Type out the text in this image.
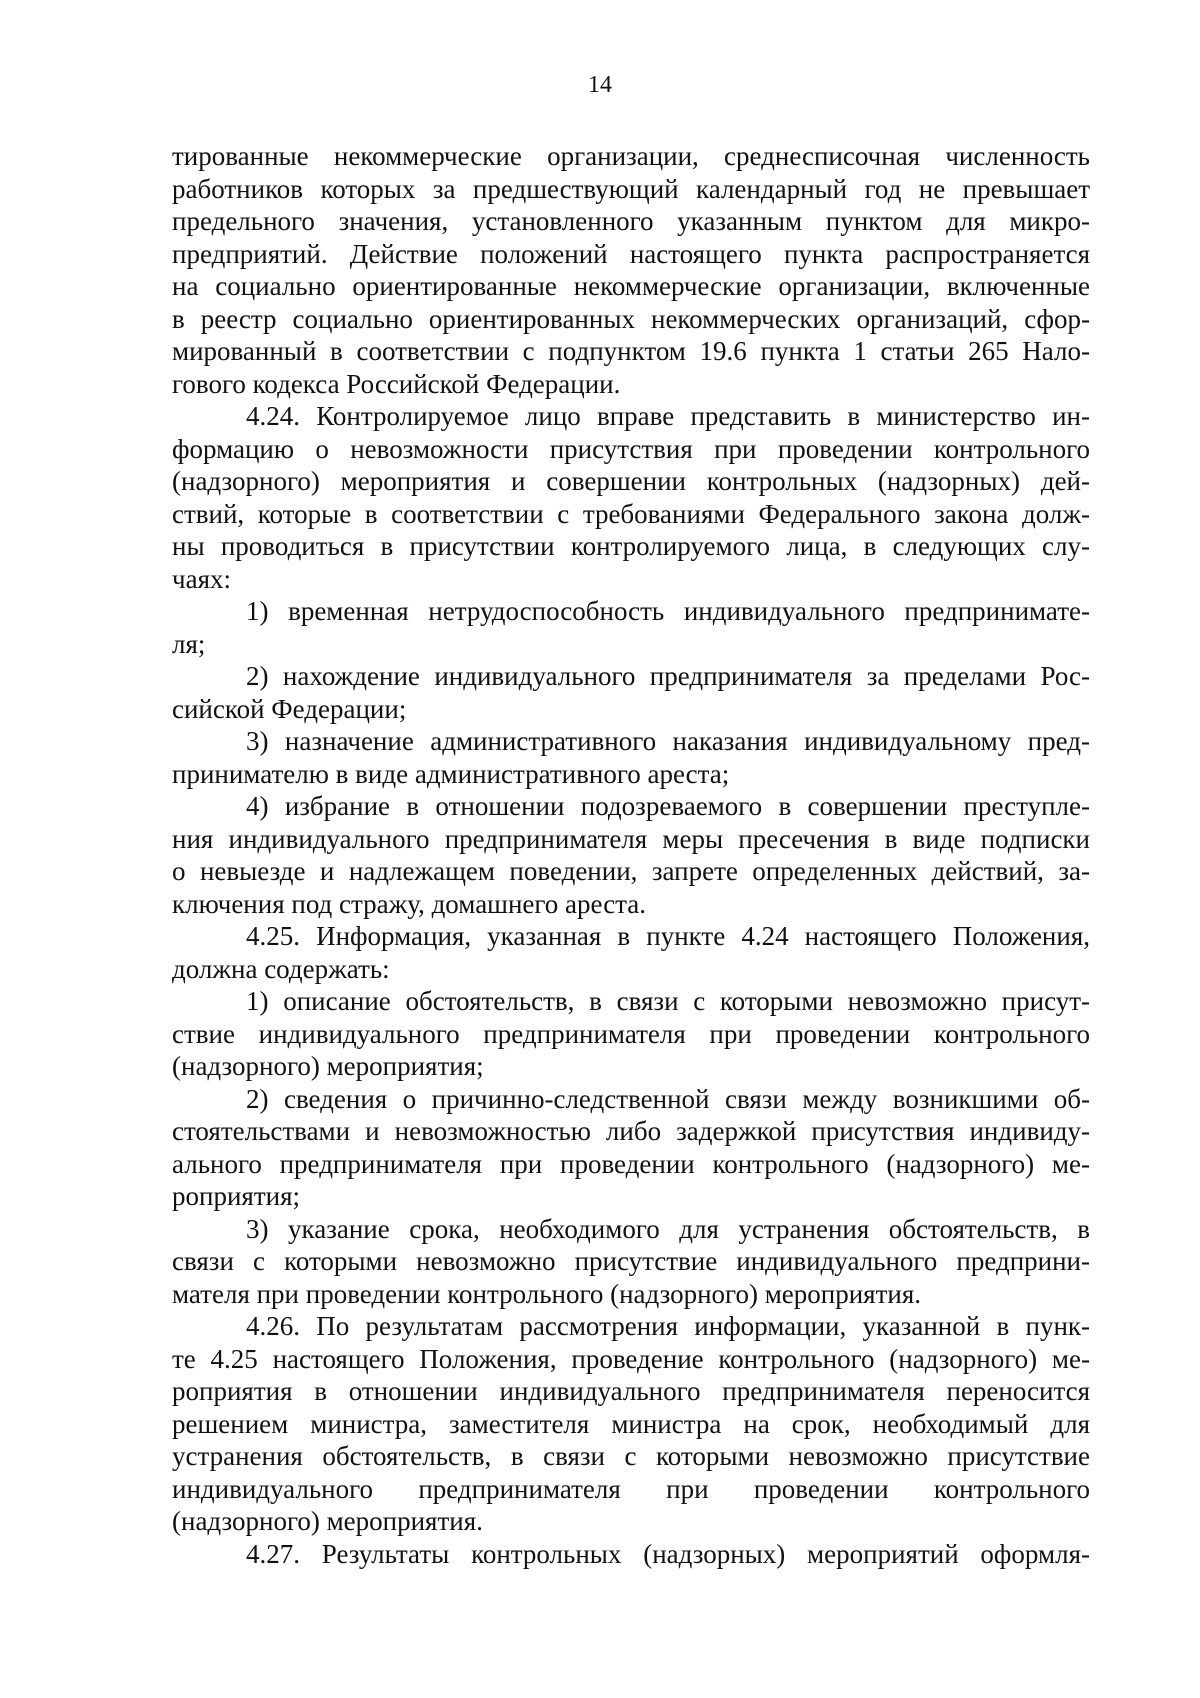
14
тированные некоммерческие организации, среднесписочная численность
работников которых за предшествующий календарный год не превышает
предельного значения, установленного указанным пунктом для микро-
предприятий. Действие положений настоящего пункта распространяется
на социально ориентированные некоммерческие организации, включенные
в реестр социально ориентированных некоммерческих организаций, сфор-
мированный в соответствии с подпунктом 19.6 пункта 1 статьи 265 Нало-
гового кодекса Российской Федерации.
4.24. Контролируемое лицо вправе представить в министерство ин-
формацию о невозможности присутствия при проведении контрольного
(надзорного) мероприятия и совершении контрольных (надзорных) дей-
ствий, которые в соответствии с требованиями Федерального закона долж-
ны проводиться в присутствии контролируемого лица, в следующих слу-
чаях:
1) временная нетрудоспособность индивидуального предпринимате-
ля;
2) нахождение индивидуального предпринимателя за пределами Рос-
сийской Федерации;
3) назначение административного наказания индивидуальному пред-
принимателю в виде административного ареста;
4) избрание в отношении подозреваемого в совершении преступле-
ния индивидуального предпринимателя меры пресечения в виде подписки
о невыезде и надлежащем поведении, запрете определенных действий, за-
ключения под стражу, домашнего ареста.
4.25. Информация, указанная в пункте 4.24 настоящего Положения,
должна содержать:
1) описание обстоятельств, в связи с которыми невозможно присут-
ствие индивидуального предпринимателя при проведении контрольного
(надзорного) мероприятия;
2) сведения о причинно-следственной связи между возникшими об-
стоятельствами и невозможностью либо задержкой присутствия индивиду-
ального предпринимателя при проведении контрольного (надзорного) ме-
роприятия;
3) указание срока, необходимого для устранения обстоятельств, в
связи с которыми невозможно присутствие индивидуального предприни-
мателя при проведении контрольного (надзорного) мероприятия.
4.26. По результатам рассмотрения информации, указанной в пунк-
те 4.25 настоящего Положения, проведение контрольного (надзорного) ме-
роприятия в отношении индивидуального предпринимателя переносится
решением министра, заместителя министра на срок, необходимый для
устранения обстоятельств, в связи с которыми невозможно присутствие
индивидуального предпринимателя при проведении контрольного
(надзорного) мероприятия.
4.27. Результаты контрольных (надзорных) мероприятий оформля-
